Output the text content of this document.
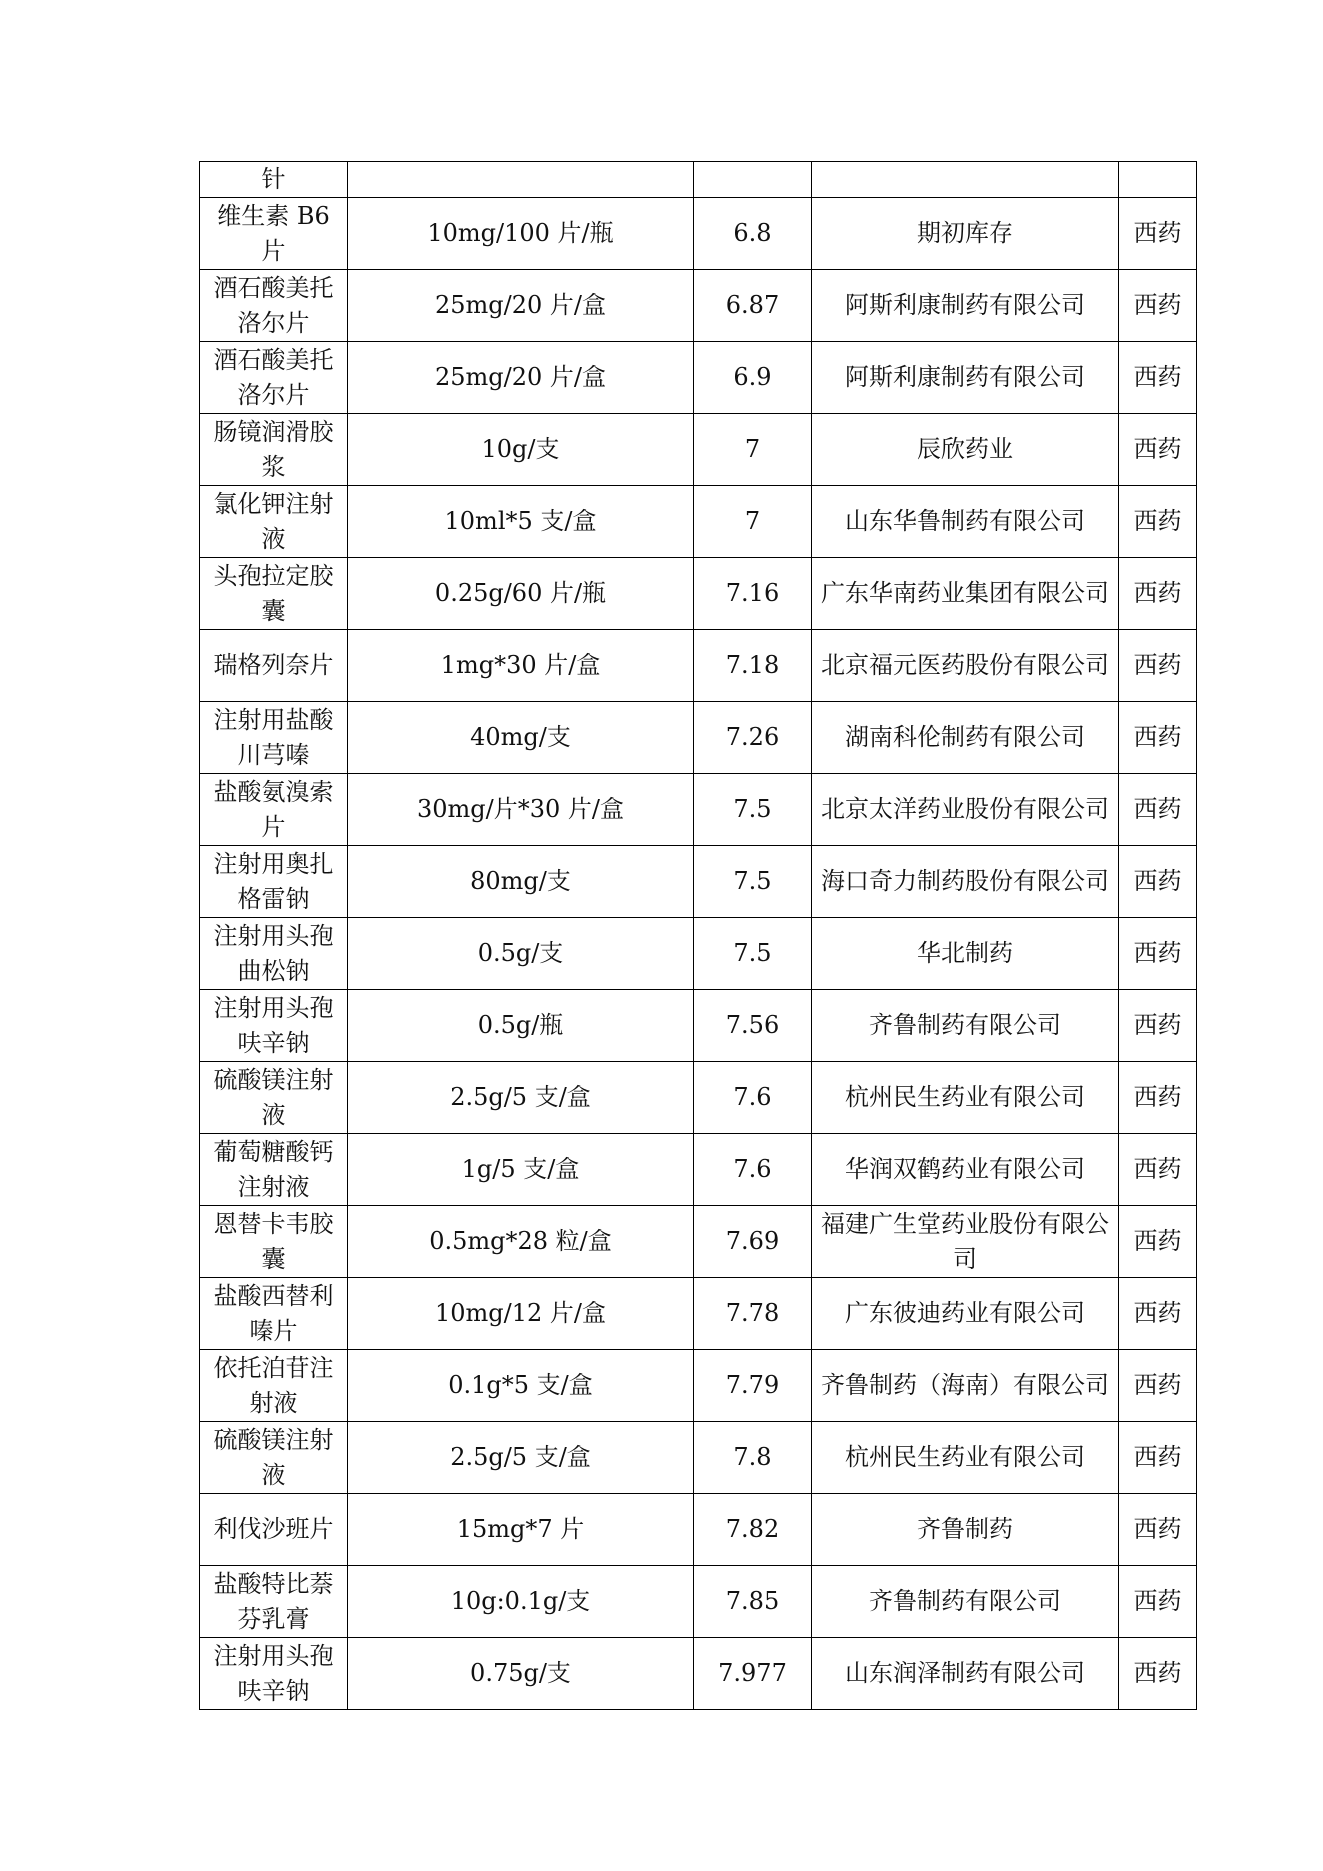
针				
维生素 B6 片	10mg/100 片/瓶	6.8	期初库存	西药
酒石酸美托洛尔片	25mg/20 片/盒	6.87	阿斯利康制药有限公司	西药
酒石酸美托洛尔片	25mg/20 片/盒	6.9	阿斯利康制药有限公司	西药
肠镜润滑胶浆	10g/支	7	辰欣药业	西药
氯化钾注射液	10ml*5 支/盒	7	山东华鲁制药有限公司	西药
头孢拉定胶囊	0.25g/60 片/瓶	7.16	广东华南药业集团有限公司	西药
瑞格列奈片	1mg*30 片/盒	7.18	北京福元医药股份有限公司	西药
注射用盐酸川芎嗪	40mg/支	7.26	湖南科伦制药有限公司	西药
盐酸氨溴索片	30mg/片*30 片/盒	7.5	北京太洋药业股份有限公司	西药
注射用奥扎格雷钠	80mg/支	7.5	海口奇力制药股份有限公司	西药
注射用头孢曲松钠	0.5g/支	7.5	华北制药	西药
注射用头孢呋辛钠	0.5g/瓶	7.56	齐鲁制药有限公司	西药
硫酸镁注射液	2.5g/5 支/盒	7.6	杭州民生药业有限公司	西药
葡萄糖酸钙注射液	1g/5 支/盒	7.6	华润双鹤药业有限公司	西药
恩替卡韦胶囊	0.5mg*28 粒/盒	7.69	福建广生堂药业股份有限公司	西药
盐酸西替利嗪片	10mg/12 片/盒	7.78	广东彼迪药业有限公司	西药
依托泊苷注射液	0.1g*5 支/盒	7.79	齐鲁制药（海南）有限公司	西药
硫酸镁注射液	2.5g/5 支/盒	7.8	杭州民生药业有限公司	西药
利伐沙班片	15mg*7 片	7.82	齐鲁制药	西药
盐酸特比萘芬乳膏	10g:0.1g/支	7.85	齐鲁制药有限公司	西药
注射用头孢呋辛钠	0.75g/支	7.977	山东润泽制药有限公司	西药
